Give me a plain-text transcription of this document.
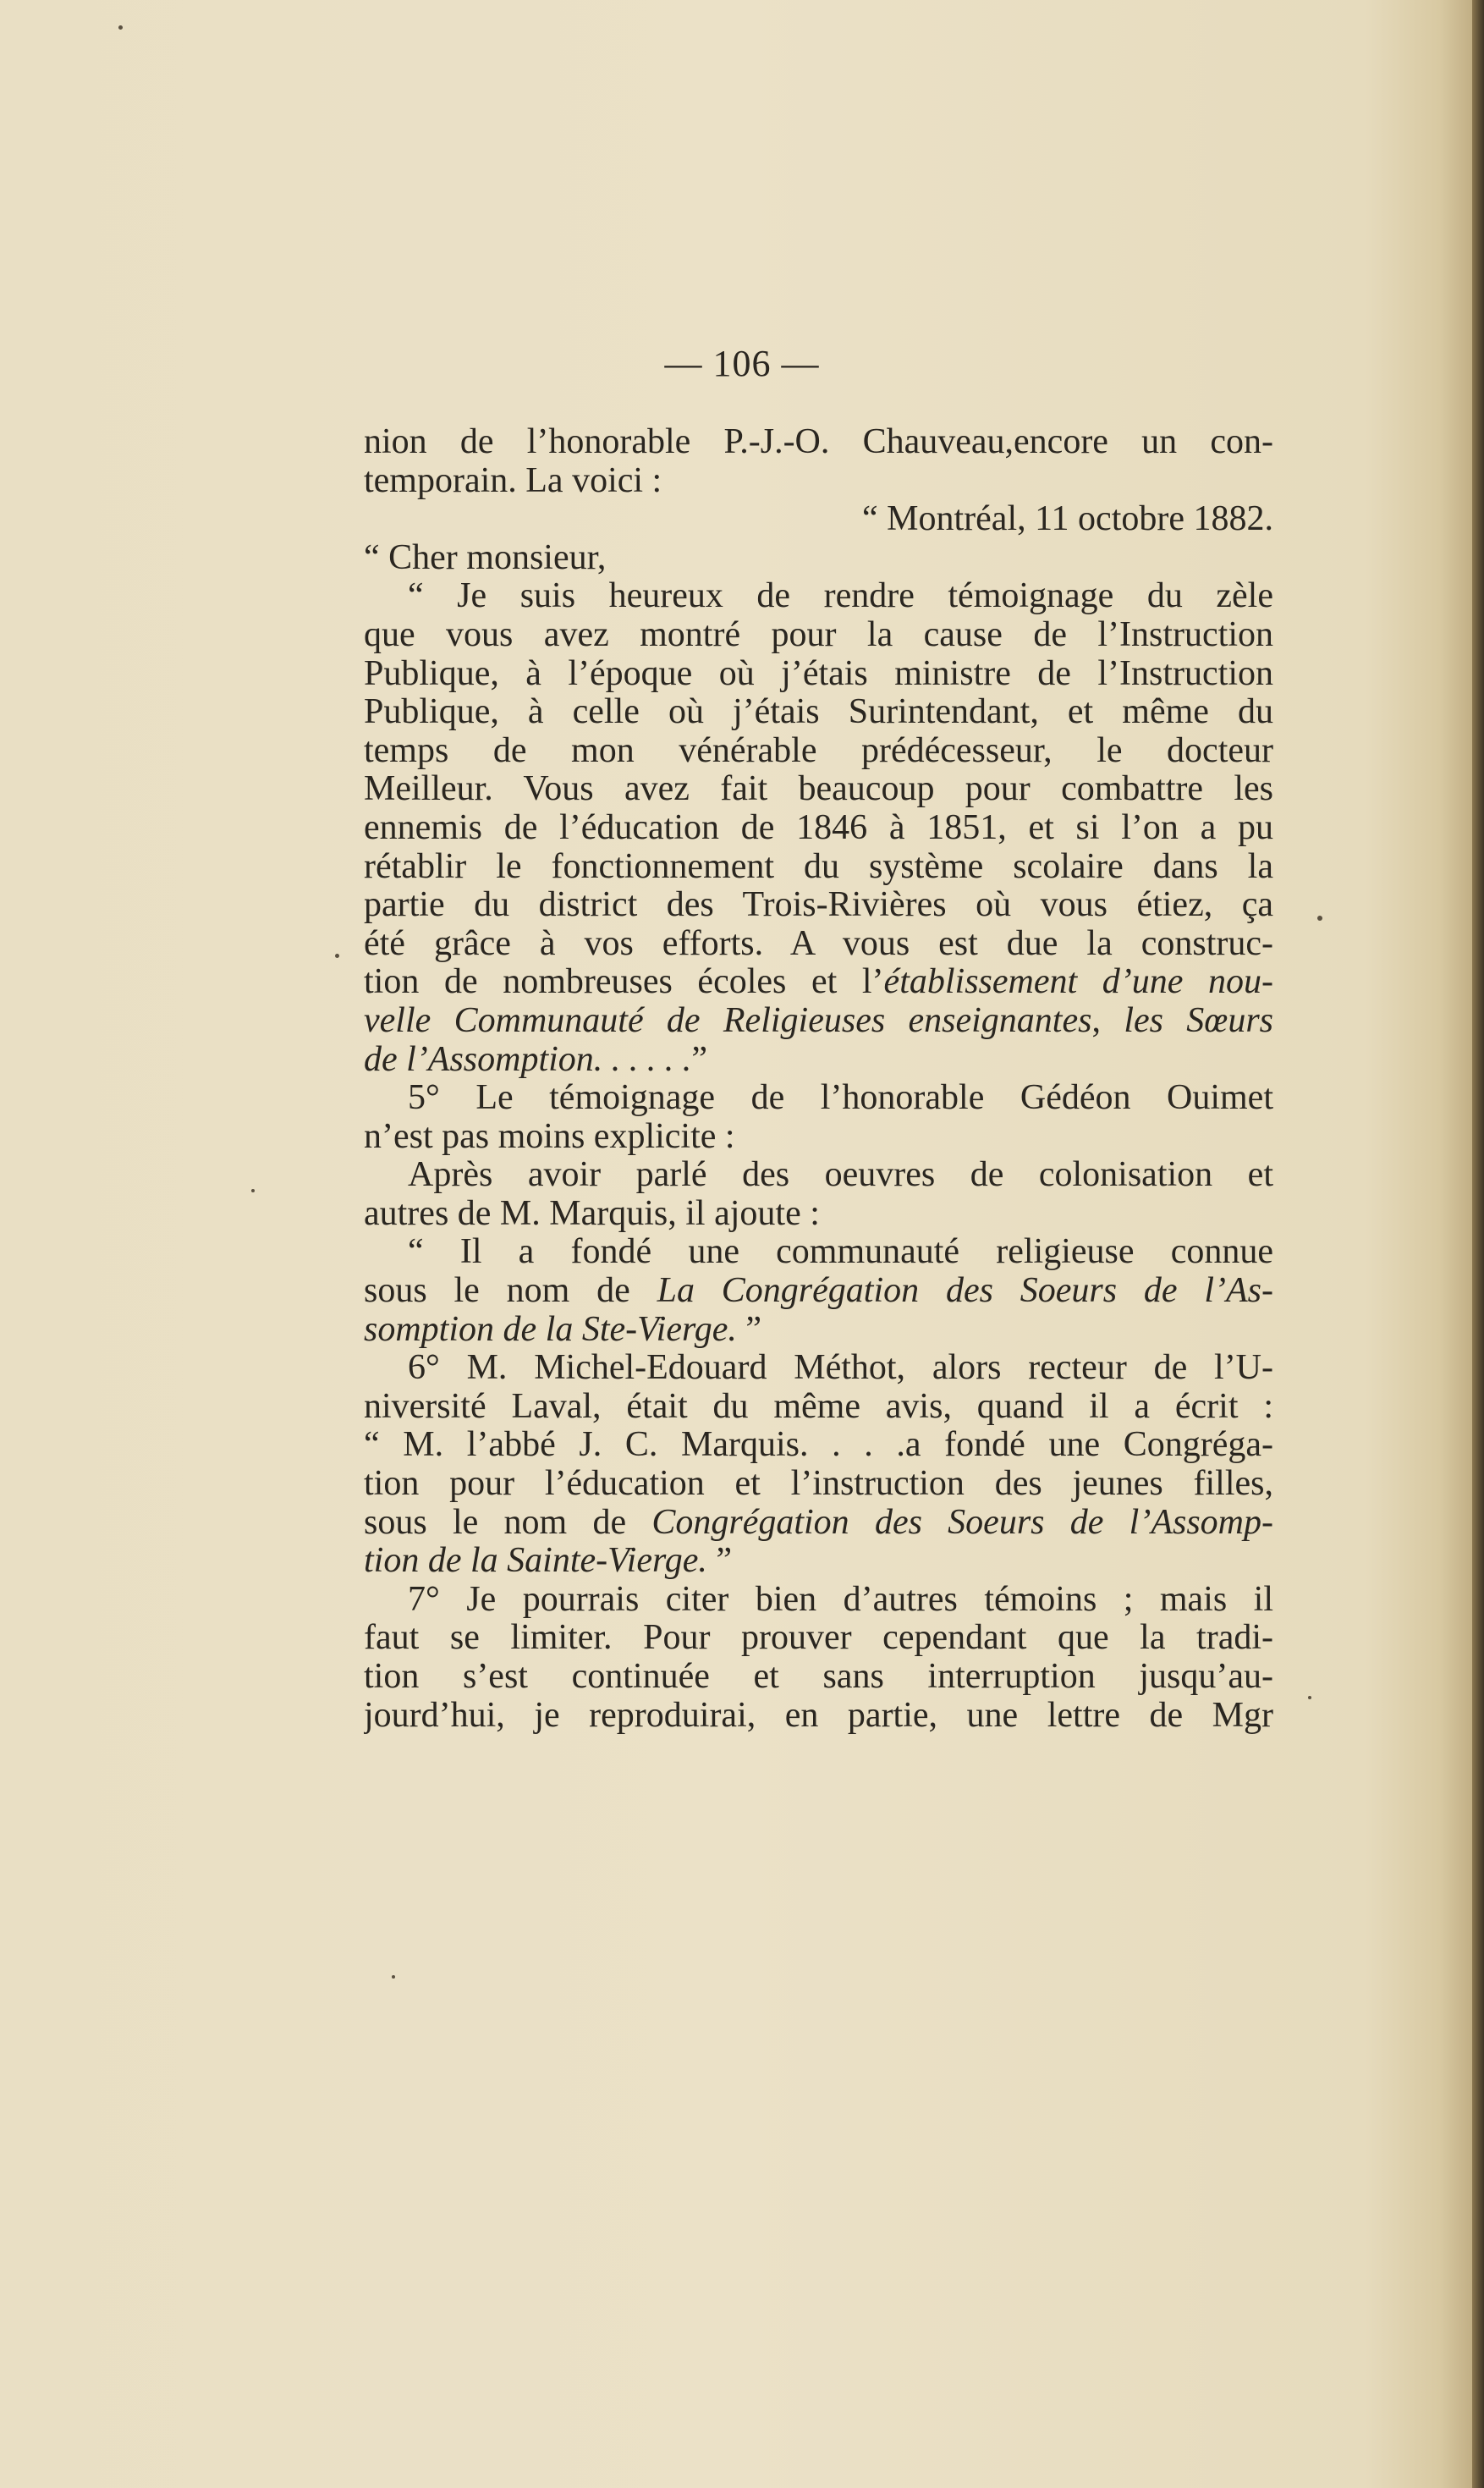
— 106 —
nion de l’honorable P.-J.-O. Chauveau,encore un con-
temporain. La voici :
“ Montréal, 11 octobre 1882.
“ Cher monsieur,
“ Je suis heureux de rendre témoignage du zèle
que vous avez montré pour la cause de l’Instruction
Publique, à l’époque où j’étais ministre de l’Instruction
Publique, à celle où j’étais Surintendant, et même du
temps de mon vénérable prédécesseur, le docteur
Meilleur. Vous avez fait beaucoup pour combattre les
ennemis de l’éducation de 1846 à 1851, et si l’on a pu
rétablir le fonctionnement du système scolaire dans la
partie du district des Trois-Rivières où vous étiez, ça
été grâce à vos efforts. A vous est due la construc-
tion de nombreuses écoles et l’établissement d’une nou-
velle Communauté de Religieuses enseignantes, les Sœurs
de l’Assomption. . . . . .”
5° Le témoignage de l’honorable Gédéon Ouimet
n’est pas moins explicite :
Après avoir parlé des oeuvres de colonisation et
autres de M. Marquis, il ajoute :
“ Il a fondé une communauté religieuse connue
sous le nom de La Congrégation des Soeurs de l’As-
somption de la Ste-Vierge. ”
6° M. Michel-Edouard Méthot, alors recteur de l’U-
niversité Laval, était du même avis, quand il a écrit :
“ M. l’abbé J. C. Marquis. . . .a fondé une Congréga-
tion pour l’éducation et l’instruction des jeunes filles,
sous le nom de Congrégation des Soeurs de l’Assomp-
tion de la Sainte-Vierge. ”
7° Je pourrais citer bien d’autres témoins ; mais il
faut se limiter. Pour prouver cependant que la tradi-
tion s’est continuée et sans interruption jusqu’au-
jourd’hui, je reproduirai, en partie, une lettre de Mgr
